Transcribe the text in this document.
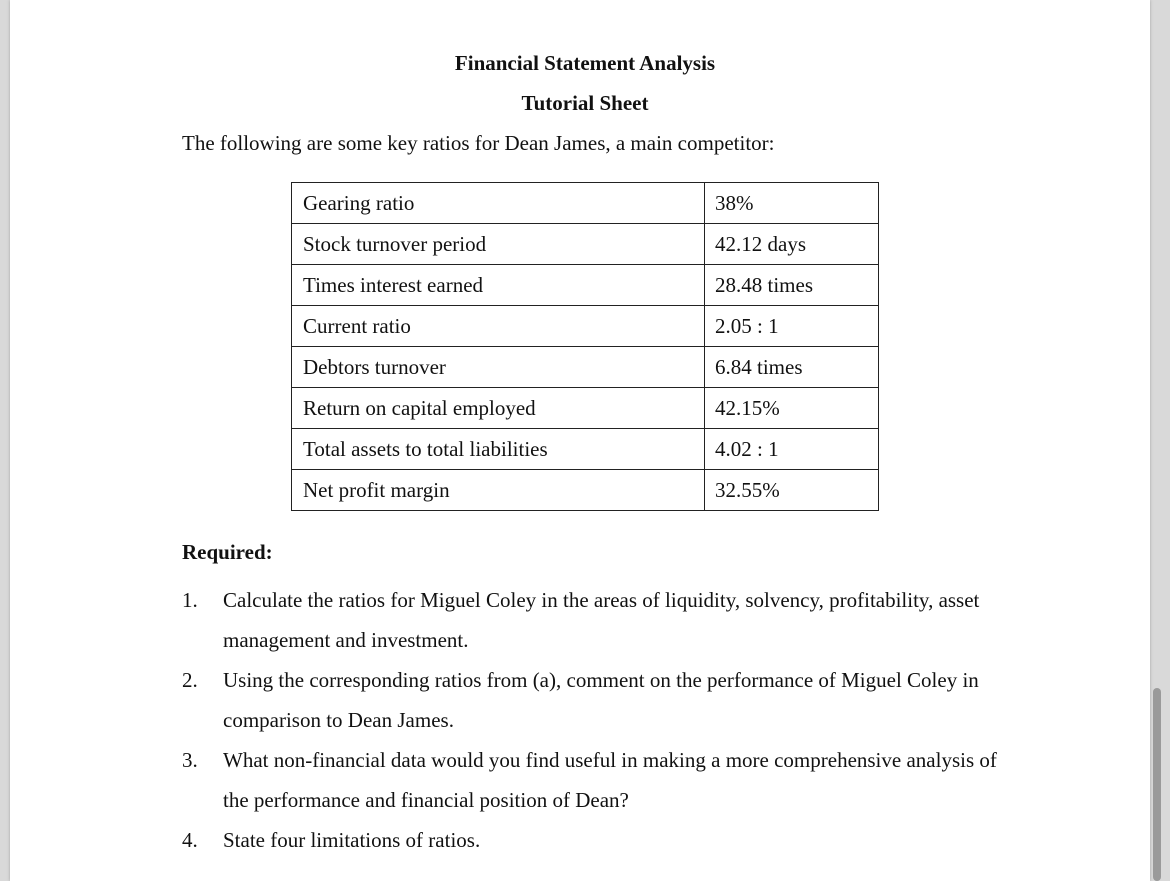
Financial Statement Analysis
Tutorial Sheet
The following are some key ratios for Dean James, a main competitor:
Gearing ratio	38%
Stock turnover period	42.12 days
Times interest earned	28.48 times
Current ratio	2.05 : 1
Debtors turnover	6.84 times
Return on capital employed	42.15%
Total assets to total liabilities	4.02 : 1
Net profit margin	32.55%
Required:
1.	Calculate the ratios for Miguel Coley in the areas of liquidity, solvency, profitability, asset management and investment.
2.	Using the corresponding ratios from (a), comment on the performance of Miguel Coley in comparison to Dean James.
3.	What non-financial data would you find useful in making a more comprehensive analysis of the performance and financial position of Dean?
4.	State four limitations of ratios.
